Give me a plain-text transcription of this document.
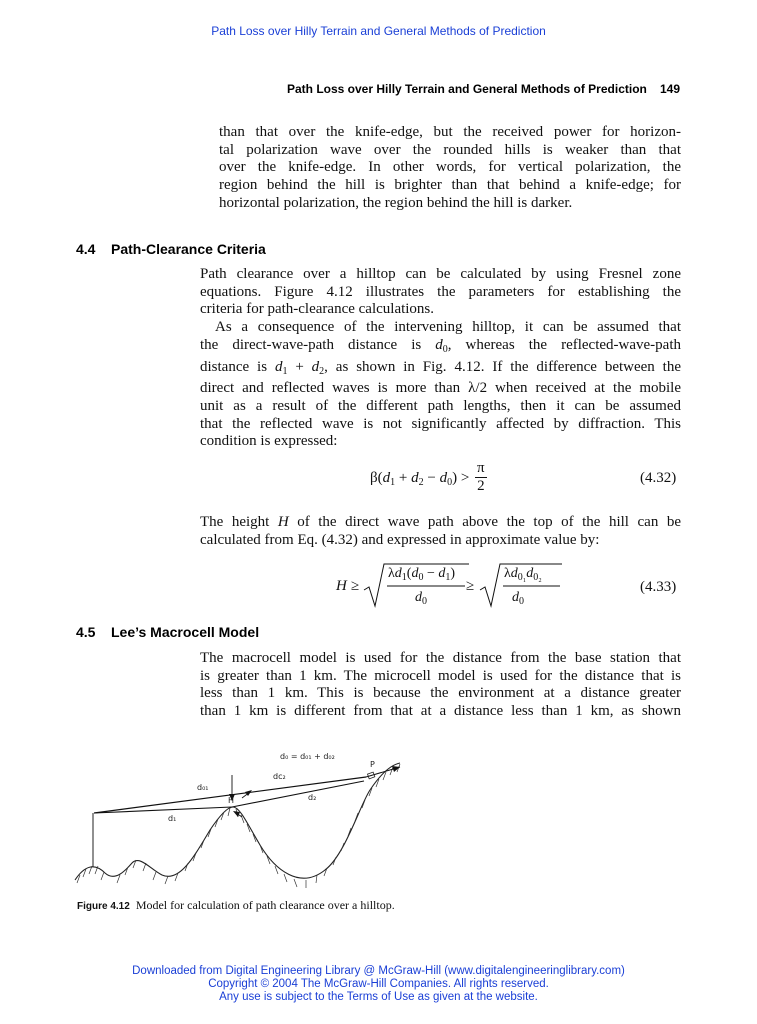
Path Loss over Hilly Terrain and General Methods of Prediction
Path Loss over Hilly Terrain and General Methods of Prediction 149
than that over the knife-edge, but the received power for horizon-
tal polarization wave over the rounded hills is weaker than that
over the knife-edge. In other words, for vertical polarization, the
region behind the hill is brighter than that behind a knife-edge; for
horizontal polarization, the region behind the hill is darker.
4.4 Path-Clearance Criteria
Path clearance over a hilltop can be calculated by using Fresnel zone
equations. Figure 4.12 illustrates the parameters for establishing the
criteria for path-clearance calculations.
As a consequence of the intervening hilltop, it can be assumed that
the direct-wave-path distance is $d_0$, whereas the reflected-wave-path
distance is $d_1 + d_2$, as shown in Fig. 4.12. If the difference between the
direct and reflected waves is more than λ/2 when received at the mobile
unit as a result of the different path lengths, then it can be assumed
that the reflected wave is not significantly affected by diffraction. This
condition is expressed:
$\beta(d_1 + d_2 - d_0) > \frac{\pi}{2}$	(4.32)
The height H of the direct wave path above the top of the hill can be
calculated from Eq. (4.32) and expressed in approximate value by:
H ≥
$\lambda d_1(d_0 - d_1)$
$d_0$
≥
$\lambda d_{0_1}d_{0_2}$
$d_0$
(4.33)
4.5 Lee’s Macrocell Model
The macrocell model is used for the distance from the base station that
is greater than 1 km. The microcell model is used for the distance that is
less than 1 km. This is because the environment at a distance greater
than 1 km is different from that at a distance less than 1 km, as shown
d₀ = d₀₁ + d₀₂
P
dc₂
d₀₁
H	d₂
d₁
Figure 4.12 Model for calculation of path clearance over a hilltop.
Downloaded from Digital Engineering Library @ McGraw-Hill (www.digitalengineeringlibrary.com)
Copyright © 2004 The McGraw-Hill Companies. All rights reserved.
Any use is subject to the Terms of Use as given at the website.
